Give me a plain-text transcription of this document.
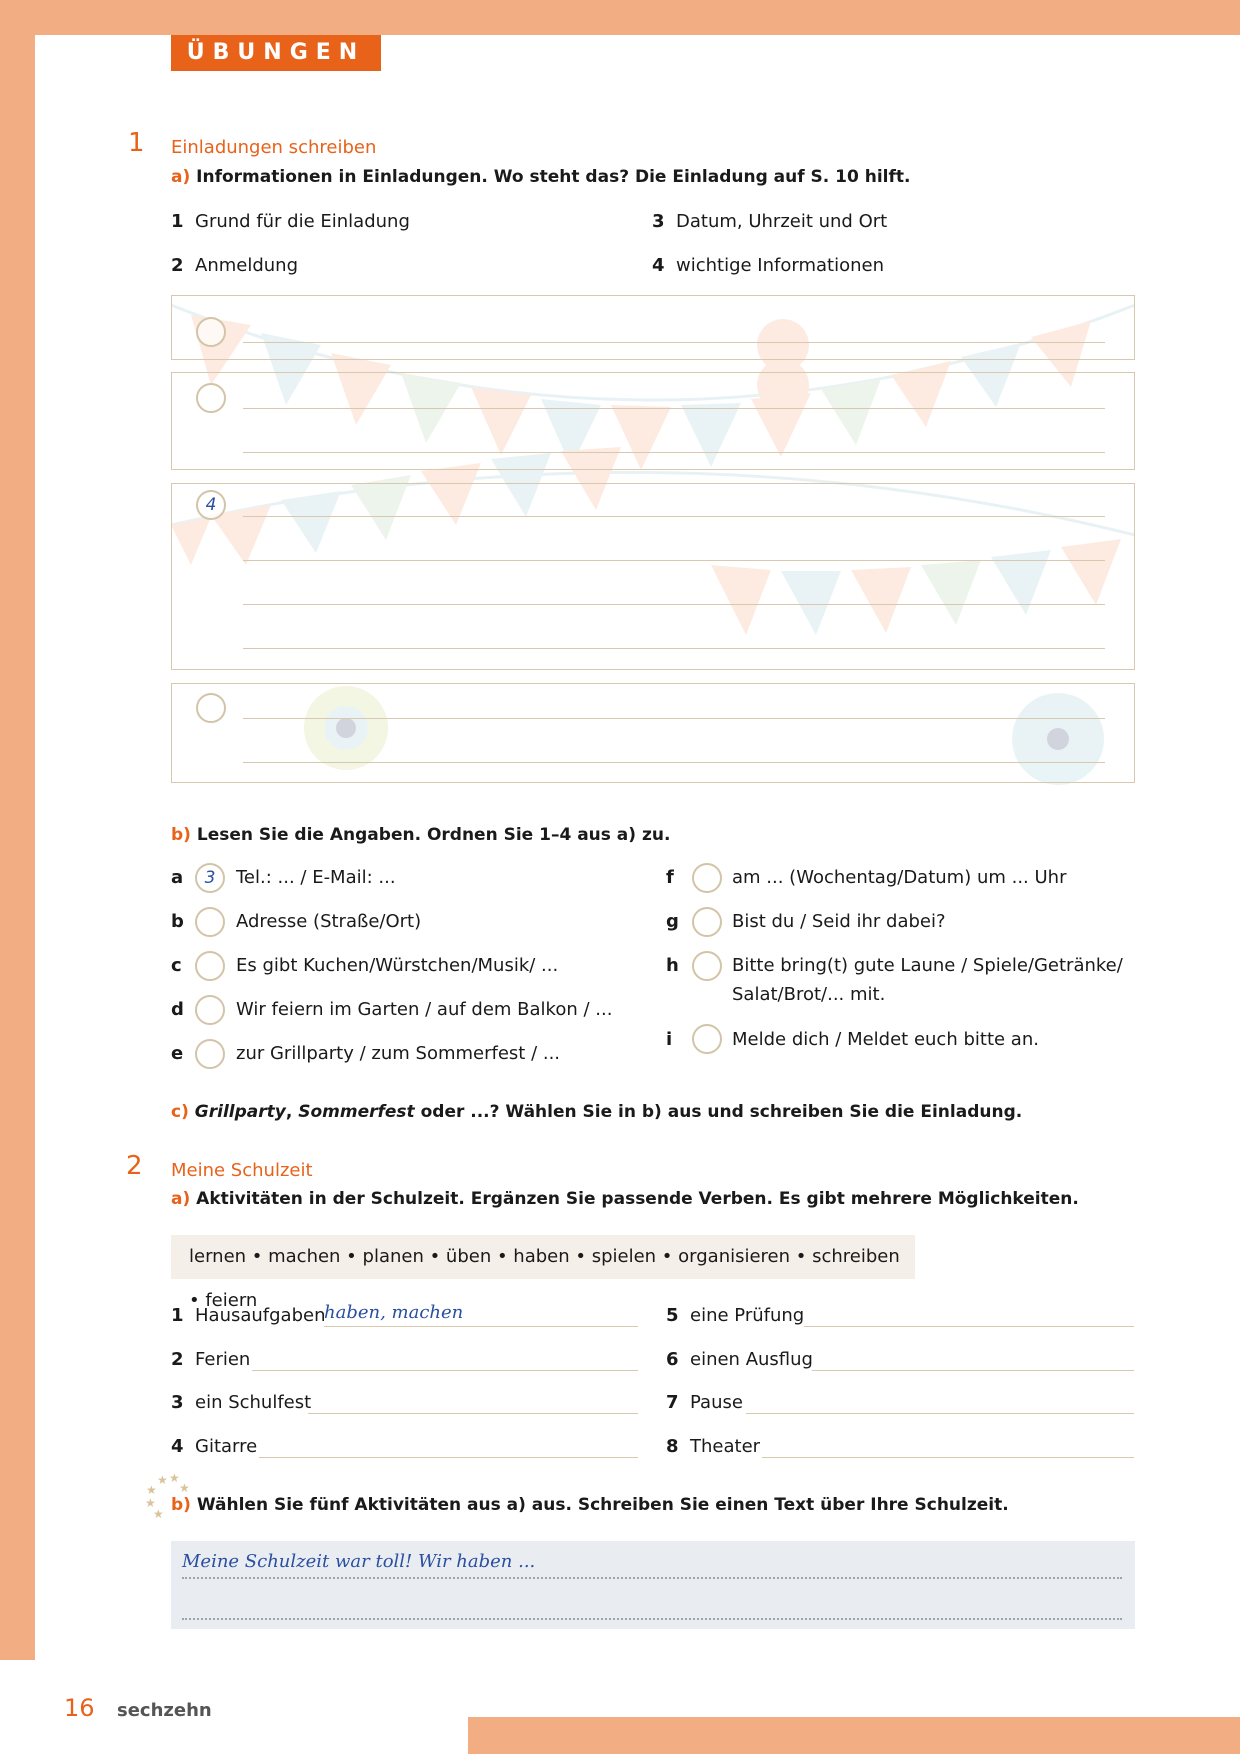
ÜBUNGEN
1 Einladungen schreiben
a) Informationen in Einladungen. Wo steht das? Die Einladung auf S. 10 hilft.
1 Grund für die Einladung
2 Anmeldung
3 Datum, Uhrzeit und Ort
4 wichtige Informationen
4
b) Lesen Sie die Angaben. Ordnen Sie 1–4 aus a) zu.
a	3	Tel.: ... / E-Mail: ...
b	Adresse (Straße/Ort)
c	Es gibt Kuchen/Würstchen/Musik/ ...
d	Wir feiern im Garten / auf dem Balkon / ...
e	zur Grillparty / zum Sommerfest / ...
f	am ... (Wochentag/Datum) um ... Uhr
g	Bist du / Seid ihr dabei?
h	Bitte bring(t) gute Laune / Spiele/Getränke/
Salat/Brot/... mit.
i	Melde dich / Meldet euch bitte an.
c) Grillparty, Sommerfest oder ...? Wählen Sie in b) aus und schreiben Sie die Einladung.
2 Meine Schulzeit
a) Aktivitäten in der Schulzeit. Ergänzen Sie passende Verben. Es gibt mehrere Möglichkeiten.
lernen • machen • planen • üben • haben • spielen • organisieren • schreiben • feiern
1 Hausaufgaben
haben, machen
2 Ferien
3 ein Schulfest
4 Gitarre
5 eine Prüfung
6 einen Ausflug
7 Pause
8 Theater
★ ★
★ ★
★
★ b) Wählen Sie fünf Aktivitäten aus a) aus. Schreiben Sie einen Text über Ihre Schulzeit.
Meine Schulzeit war toll! Wir haben ...
16 sechzehn
